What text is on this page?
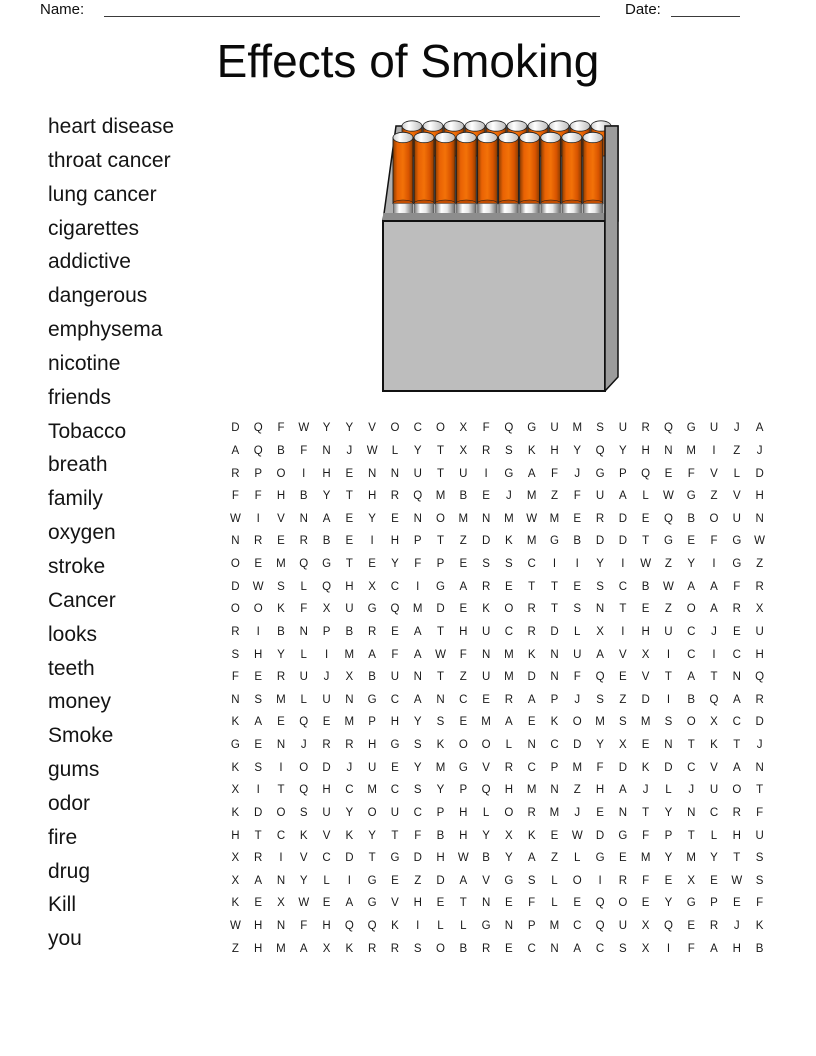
Name:	Date:
Effects of Smoking
heart disease
throat cancer
lung cancer
cigarettes
addictive
dangerous
emphysema
nicotine
friends
Tobacco
breath
family
oxygen
stroke
Cancer
looks
teeth
money
Smoke
gums
odor
fire
drug
Kill
you
D	Q	F	W	Y	Y	V	O	C	O	X	F	Q	G	U	M	S	U	R	Q	G	U	J	A
A	Q	B	F	N	J	W	L	Y	T	X	R	S	K	H	Y	Q	Y	H	N	M	I	Z	J
R	P	O	I	H	E	N	N	U	T	U	I	G	A	F	J	G	P	Q	E	F	V	L	D
F	F	H	B	Y	T	H	R	Q	M	B	E	J	M	Z	F	U	A	L	W	G	Z	V	H
W	I	V	N	A	E	Y	E	N	O	M	N	M	W	M	E	R	D	E	Q	B	O	U	N
N	R	E	R	B	E	I	H	P	T	Z	D	K	M	G	B	D	D	T	G	E	F	G	W
O	E	M	Q	G	T	E	Y	F	P	E	S	S	C	I	I	Y	I	W	Z	Y	I	G	Z
D	W	S	L	Q	H	X	C	I	G	A	R	E	T	T	E	S	C	B	W	A	A	F	R
O	O	K	F	X	U	G	Q	M	D	E	K	O	R	T	S	N	T	E	Z	O	A	R	X
R	I	B	N	P	B	R	E	A	T	H	U	C	R	D	L	X	I	H	U	C	J	E	U
S	H	Y	L	I	M	A	F	A	W	F	N	M	K	N	U	A	V	X	I	C	I	C	H
F	E	R	U	J	X	B	U	N	T	Z	U	M	D	N	F	Q	E	V	T	A	T	N	Q
N	S	M	L	U	N	G	C	A	N	C	E	R	A	P	J	S	Z	D	I	B	Q	A	R
K	A	E	Q	E	M	P	H	Y	S	E	M	A	E	K	O	M	S	M	S	O	X	C	D
G	E	N	J	R	R	H	G	S	K	O	O	L	N	C	D	Y	X	E	N	T	K	T	J
K	S	I	O	D	J	U	E	Y	M	G	V	R	C	P	M	F	D	K	D	C	V	A	N
X	I	T	Q	H	C	M	C	S	Y	P	Q	H	M	N	Z	H	A	J	L	J	U	O	T
K	D	O	S	U	Y	O	U	C	P	H	L	O	R	M	J	E	N	T	Y	N	C	R	F
H	T	C	K	V	K	Y	T	F	B	H	Y	X	K	E	W	D	G	F	P	T	L	H	U
X	R	I	V	C	D	T	G	D	H	W	B	Y	A	Z	L	G	E	M	Y	M	Y	T	S
X	A	N	Y	L	I	G	E	Z	D	A	V	G	S	L	O	I	R	F	E	X	E	W	S
K	E	X	W	E	A	G	V	H	E	T	N	E	F	L	E	Q	O	E	Y	G	P	E	F
W	H	N	F	H	Q	Q	K	I	L	L	G	N	P	M	C	Q	U	X	Q	E	R	J	K
Z	H	M	A	X	K	R	R	S	O	B	R	E	C	N	A	C	S	X	I	F	A	H	B
